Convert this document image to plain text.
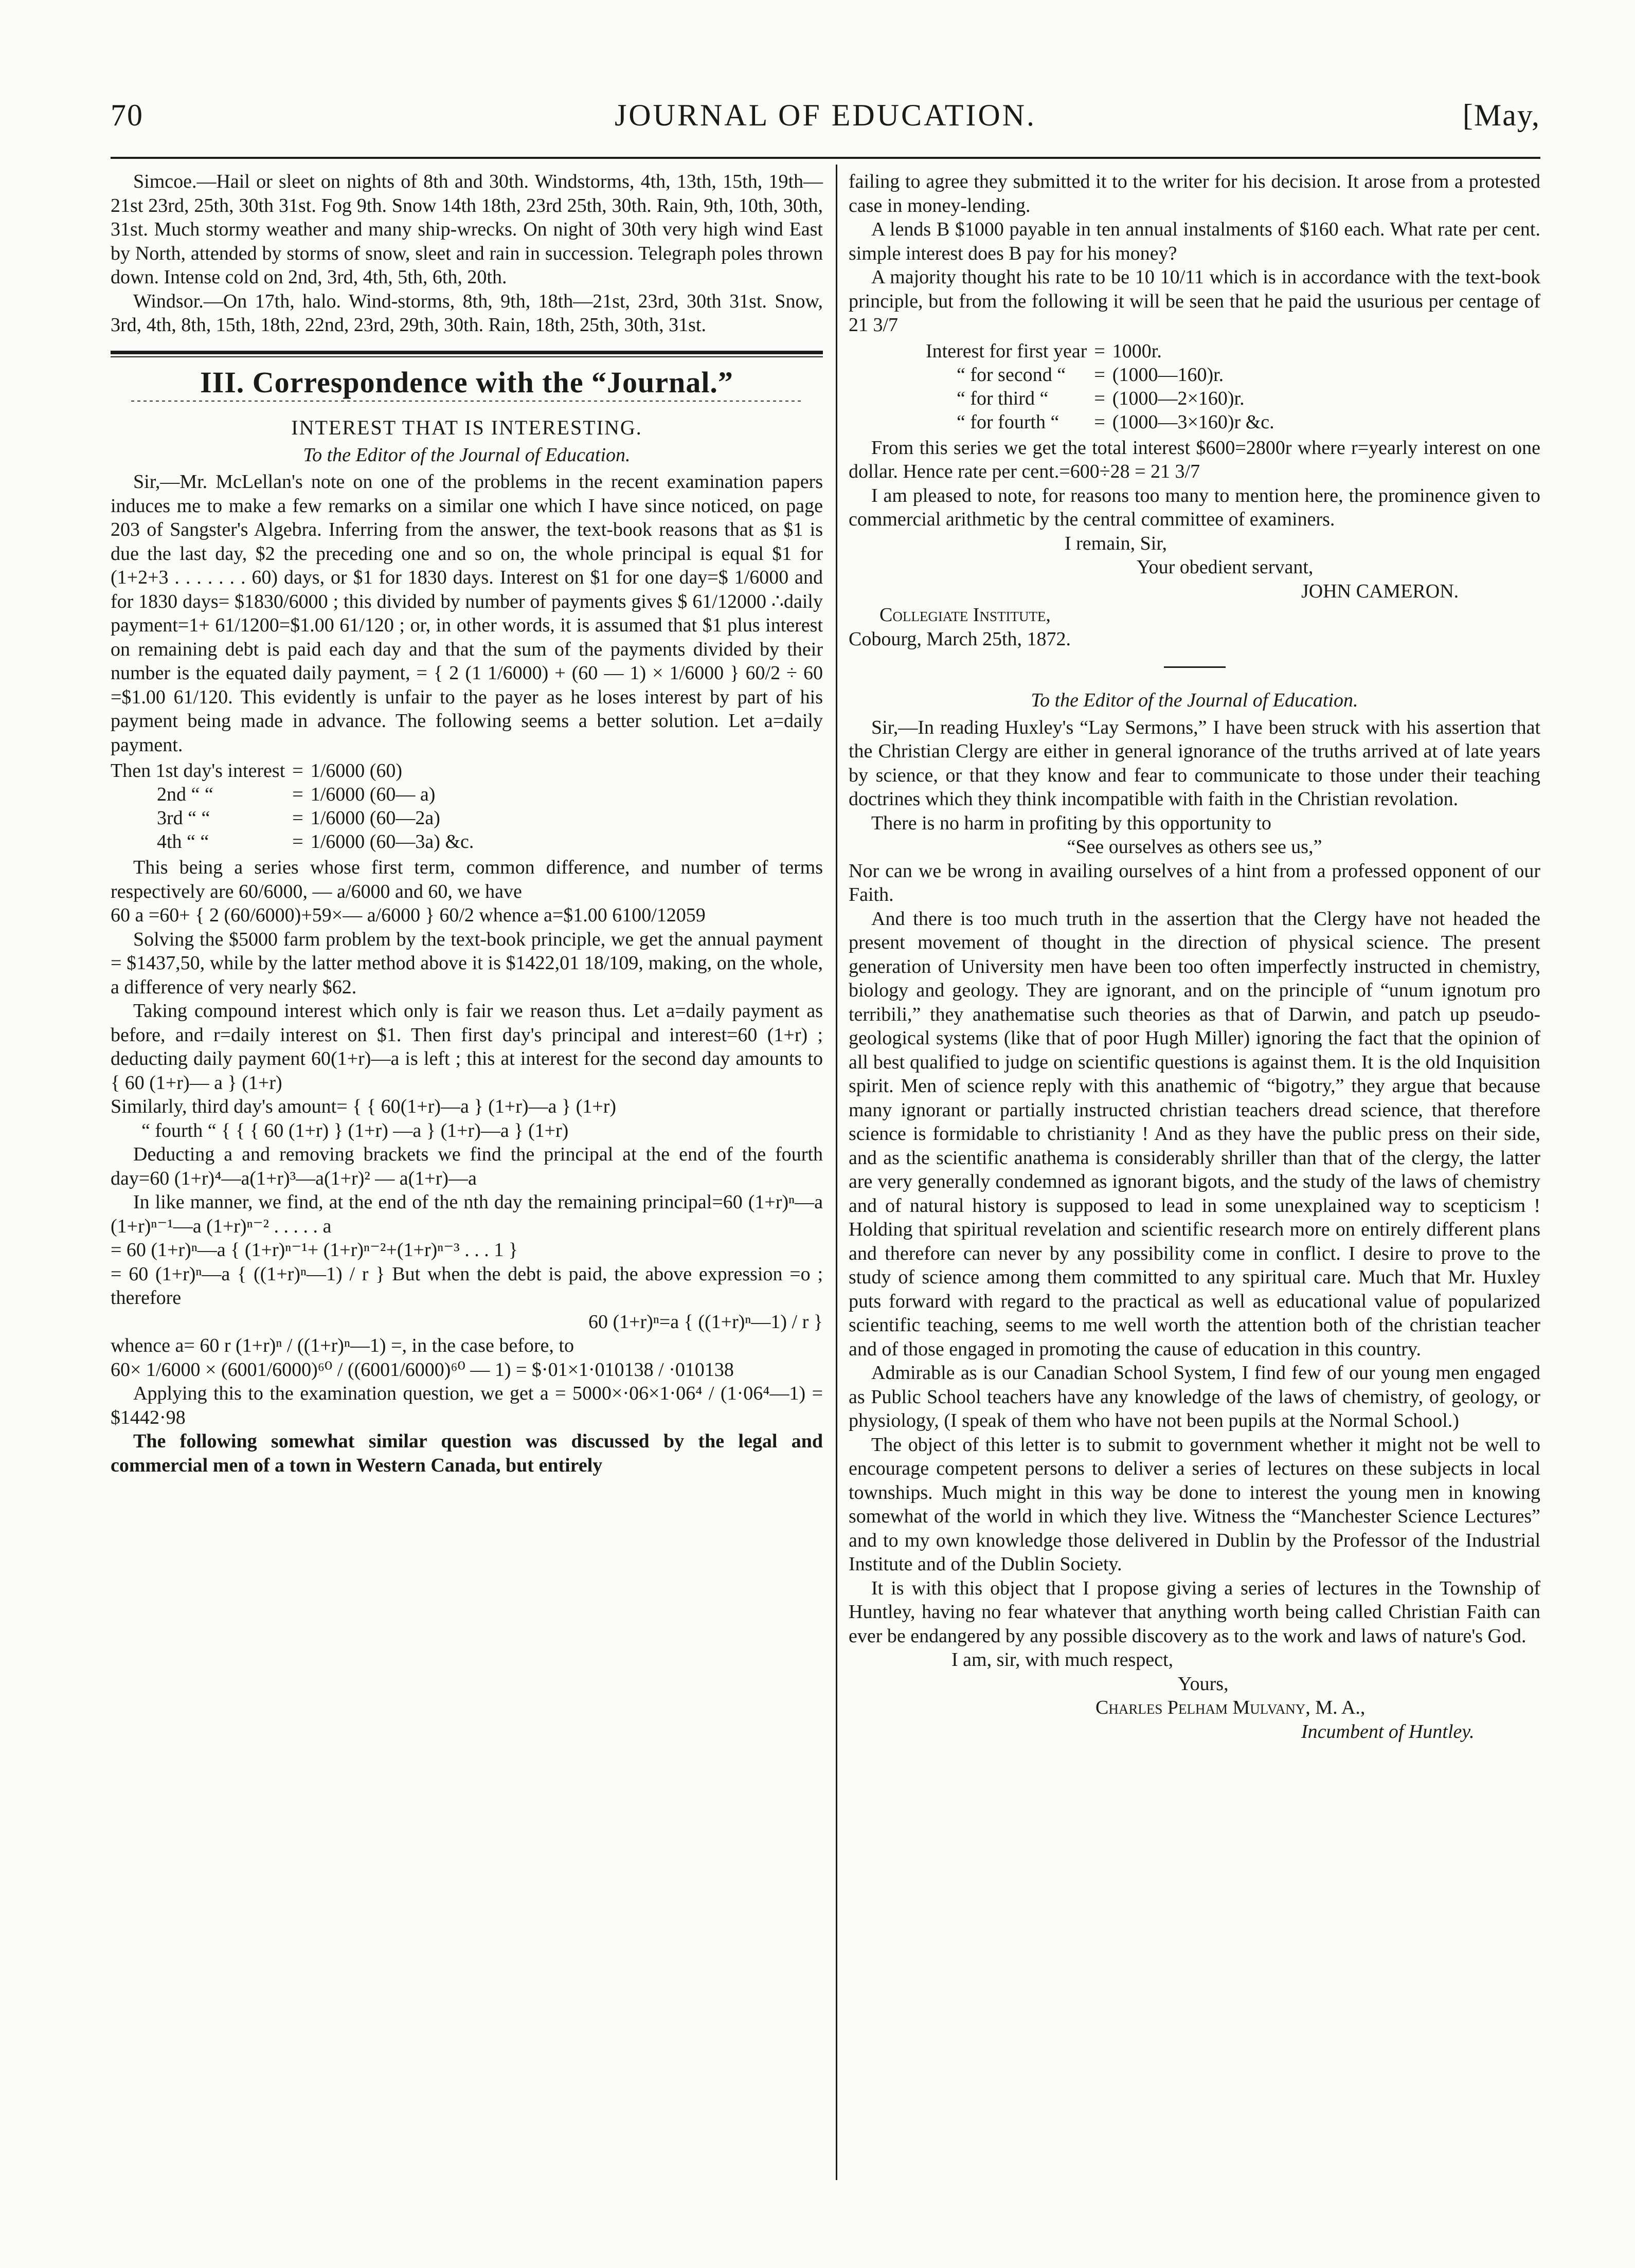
70	JOURNAL OF EDUCATION.	[May,

Simcoe.—Hail or sleet on nights of 8th and 30th. Windstorms, 4th, 13th, 15th, 19th—21st 23rd, 25th, 30th 31st. Fog 9th. Snow 14th 18th, 23rd 25th, 30th. Rain, 9th, 10th, 30th, 31st. Much stormy weather and many ship-wrecks. On night of 30th very high wind East by North, attended by storms of snow, sleet and rain in succession. Telegraph poles thrown down. Intense cold on 2nd, 3rd, 4th, 5th, 6th, 20th.

Windsor.—On 17th, halo. Wind-storms, 8th, 9th, 18th—21st, 23rd, 30th 31st. Snow, 3rd, 4th, 8th, 15th, 18th, 22nd, 23rd, 29th, 30th. Rain, 18th, 25th, 30th, 31st.

III. Correspondence with the “Journal.”
INTEREST THAT IS INTERESTING.
To the Editor of the Journal of Education.

Sir,—Mr. McLellan's note on one of the problems in the recent examination papers induces me to make a few remarks on a similar one which I have since noticed, on page 203 of Sangster's Algebra. Inferring from the answer, the text-book reasons that as $1 is due the last day, $2 the preceding one and so on, the whole principal is equal $1 for (1+2+3 . . . . . . . 60) days, or $1 for 1830 days. Interest on $1 for one day=$ 1/6000 and for 1830 days= $1830/6000 ; this divided by number of payments gives $ 61/12000 ∴daily payment=1+ 61/1200=$1.00 61/120 ; or, in other words, it is assumed that $1 plus interest on remaining debt is paid each day and that the sum of the payments divided by their number is the equated daily payment, = { 2 (1 1/6000) + (60 — 1) × 1/6000 } 60/2 ÷ 60 =$1.00 61/120. This evidently is unfair to the payer as he loses interest by part of his payment being made in advance. The following seems a better solution. Let a=daily payment.

Then 1st day's interest	=	1/6000 (60)
2nd “ “	=	1/6000 (60— a)
3rd “ “	=	1/6000 (60—2a)
4th “ “	=	1/6000 (60—3a) &c.

This being a series whose first term, common difference, and number of terms respectively are 60/6000, — a/6000 and 60, we have

60 a =60+ { 2 (60/6000)+59×— a/6000 } 60/2 whence a=$1.00 6100/12059

Solving the $5000 farm problem by the text-book principle, we get the annual payment = $1437,50, while by the latter method above it is $1422,01 18/109, making, on the whole, a difference of very nearly $62.

Taking compound interest which only is fair we reason thus. Let a=daily payment as before, and r=daily interest on $1. Then first day's principal and interest=60 (1+r) ; deducting daily payment 60(1+r)—a is left ; this at interest for the second day amounts to { 60 (1+r)— a } (1+r)

Similarly, third day's amount= { { 60(1+r)—a } (1+r)—a } (1+r)

“ fourth “ { { { 60 (1+r) } (1+r) —a } (1+r)—a } (1+r)

Deducting a and removing brackets we find the principal at the end of the fourth day=60 (1+r)⁴—a(1+r)³—a(1+r)² — a(1+r)—a

In like manner, we find, at the end of the nth day the remaining principal=60 (1+r)ⁿ—a (1+r)ⁿ⁻¹—a (1+r)ⁿ⁻² . . . . . a

= 60 (1+r)ⁿ—a { (1+r)ⁿ⁻¹+ (1+r)ⁿ⁻²+(1+r)ⁿ⁻³ . . . 1 }

= 60 (1+r)ⁿ—a { ((1+r)ⁿ—1) / r } But when the debt is paid, the above expression =o ; therefore

60 (1+r)ⁿ=a { ((1+r)ⁿ—1) / r }

whence a= 60 r (1+r)ⁿ / ((1+r)ⁿ—1) =, in the case before, to

60× 1/6000 × (6001/6000)⁶⁰ / ((6001/6000)⁶⁰ — 1) = $·01×1·010138 / ·010138

Applying this to the examination question, we get a = 5000×·06×1·06⁴ / (1·06⁴—1) = $1442·98

The following somewhat similar question was discussed by the legal and commercial men of a town in Western Canada, but entirely

failing to agree they submitted it to the writer for his decision. It arose from a protested case in money-lending.

A lends B $1000 payable in ten annual instalments of $160 each. What rate per cent. simple interest does B pay for his money?

A majority thought his rate to be 10 10/11 which is in accordance with the text-book principle, but from the following it will be seen that he paid the usurious per centage of 21 3/7

Interest for first year	=	1000r.
“ for second “	=	(1000—160)r.
“ for third “	=	(1000—2×160)r.
“ for fourth “	=	(1000—3×160)r &c.

From this series we get the total interest $600=2800r where r=yearly interest on one dollar. Hence rate per cent.=600÷28 = 21 3/7

I am pleased to note, for reasons too many to mention here, the prominence given to commercial arithmetic by the central committee of examiners.

I remain, Sir,

Your obedient servant,

JOHN CAMERON.

Collegiate Institute,

Cobourg, March 25th, 1872.

To the Editor of the Journal of Education.

Sir,—In reading Huxley's “Lay Sermons,” I have been struck with his assertion that the Christian Clergy are either in general ignorance of the truths arrived at of late years by science, or that they know and fear to communicate to those under their teaching doctrines which they think incompatible with faith in the Christian revolation.

There is no harm in profiting by this opportunity to

“See ourselves as others see us,”

Nor can we be wrong in availing ourselves of a hint from a professed opponent of our Faith.

And there is too much truth in the assertion that the Clergy have not headed the present movement of thought in the direction of physical science. The present generation of University men have been too often imperfectly instructed in chemistry, biology and geology. They are ignorant, and on the principle of “unum ignotum pro terribili,” they anathematise such theories as that of Darwin, and patch up pseudo-geological systems (like that of poor Hugh Miller) ignoring the fact that the opinion of all best qualified to judge on scientific questions is against them. It is the old Inquisition spirit. Men of science reply with this anathemic of “bigotry,” they argue that because many ignorant or partially instructed christian teachers dread science, that therefore science is formidable to christianity ! And as they have the public press on their side, and as the scientific anathema is considerably shriller than that of the clergy, the latter are very generally condemned as ignorant bigots, and the study of the laws of chemistry and of natural history is supposed to lead in some unexplained way to scepticism ! Holding that spiritual revelation and scientific research more on entirely different plans and therefore can never by any possibility come in conflict. I desire to prove to the study of science among them committed to any spiritual care. Much that Mr. Huxley puts forward with regard to the practical as well as educational value of popularized scientific teaching, seems to me well worth the attention both of the christian teacher and of those engaged in promoting the cause of education in this country.

Admirable as is our Canadian School System, I find few of our young men engaged as Public School teachers have any knowledge of the laws of chemistry, of geology, or physiology, (I speak of them who have not been pupils at the Normal School.)

The object of this letter is to submit to government whether it might not be well to encourage competent persons to deliver a series of lectures on these subjects in local townships. Much might in this way be done to interest the young men in knowing somewhat of the world in which they live. Witness the “Manchester Science Lectures” and to my own knowledge those delivered in Dublin by the Professor of the Industrial Institute and of the Dublin Society.

It is with this object that I propose giving a series of lectures in the Township of Huntley, having no fear whatever that anything worth being called Christian Faith can ever be endangered by any possible discovery as to the work and laws of nature's God.

I am, sir, with much respect,

Yours,

Charles Pelham Mulvany, M. A.,

Incumbent of Huntley.
